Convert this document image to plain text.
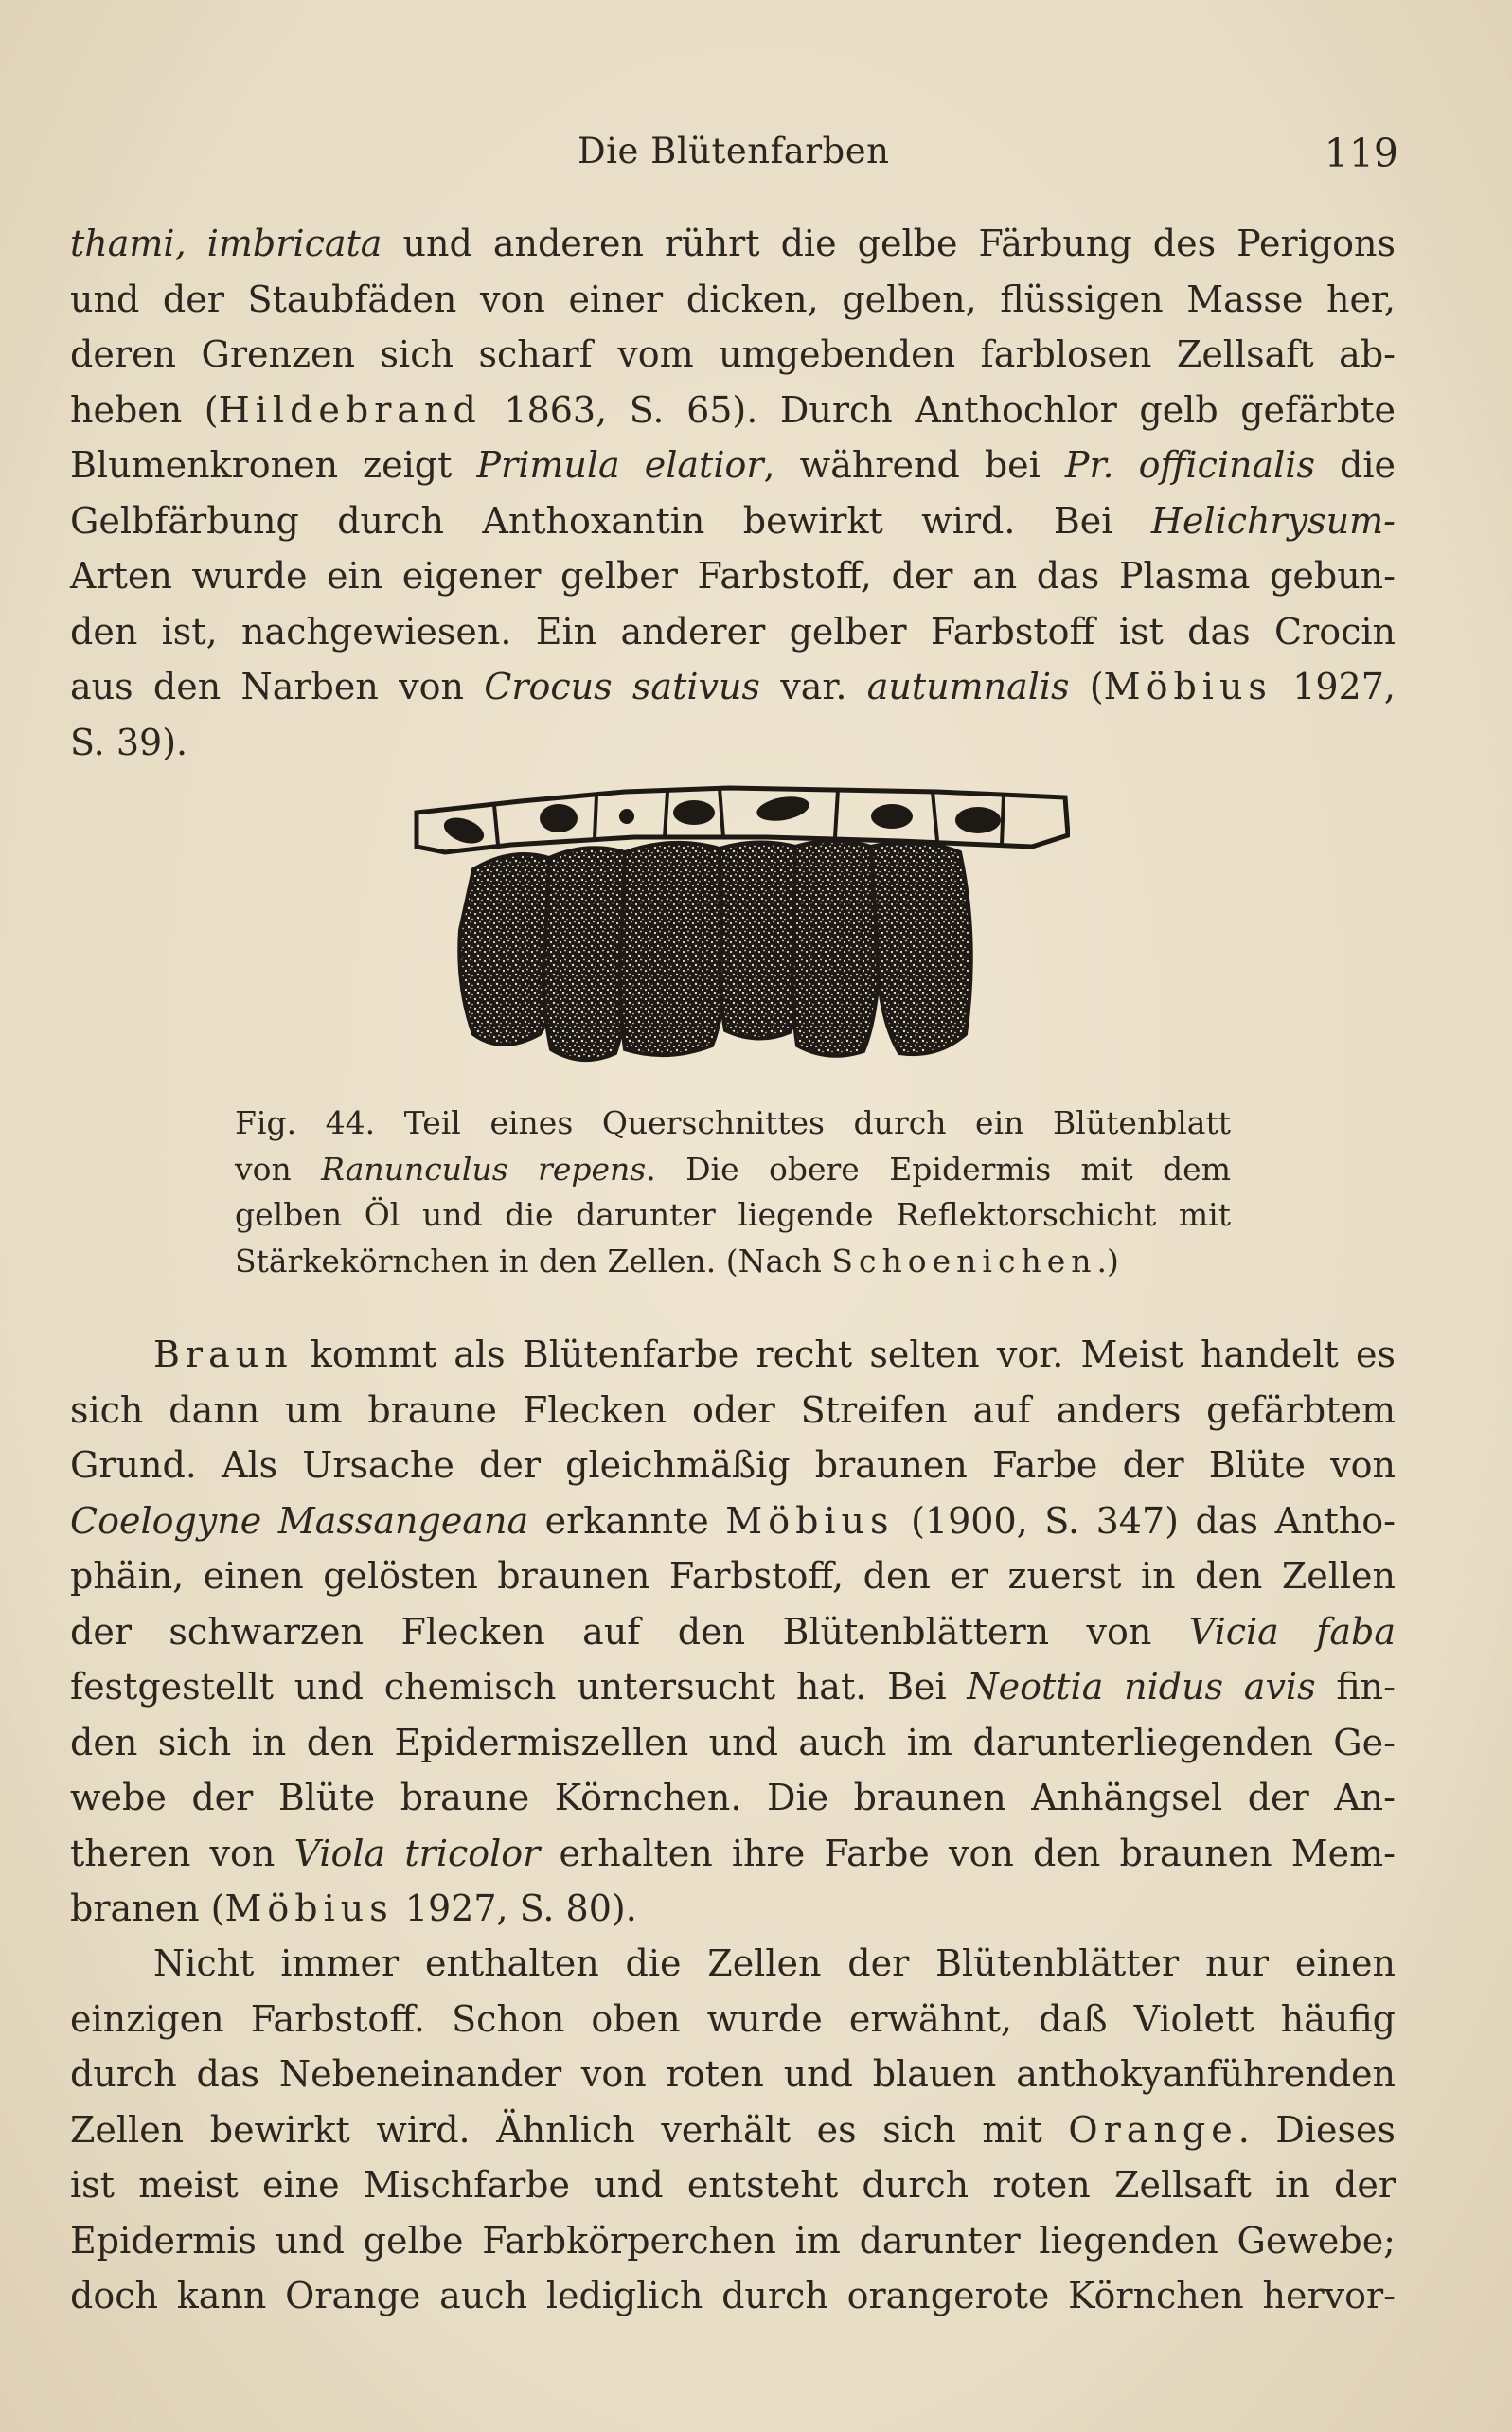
Die Blütenfarben	119
thami, imbricata und anderen rührt die gelbe Färbung des Perigons
und der Staubfäden von einer dicken, gelben, flüssigen Masse her,
deren Grenzen sich scharf vom umgebenden farblosen Zellsaft ab-
heben (Hildebrand 1863, S. 65). Durch Anthochlor gelb gefärbte
Blumenkronen zeigt Primula elatior, während bei Pr. officinalis die
Gelbfärbung durch Anthoxantin bewirkt wird. Bei Helichrysum-
Arten wurde ein eigener gelber Farbstoff, der an das Plasma gebun-
den ist, nachgewiesen. Ein anderer gelber Farbstoff ist das Crocin
aus den Narben von Crocus sativus var. autumnalis (Möbius 1927,
S. 39).
Fig. 44. Teil eines Querschnittes durch ein Blütenblatt
von Ranunculus repens. Die obere Epidermis mit dem
gelben Öl und die darunter liegende Reflektorschicht mit
Stärkekörnchen in den Zellen. (Nach Schoenichen.)
Braun kommt als Blütenfarbe recht selten vor. Meist handelt es
sich dann um braune Flecken oder Streifen auf anders gefärbtem
Grund. Als Ursache der gleichmäßig braunen Farbe der Blüte von
Coelogyne Massangeana erkannte Möbius (1900, S. 347) das Antho-
phäin, einen gelösten braunen Farbstoff, den er zuerst in den Zellen
der schwarzen Flecken auf den Blütenblättern von Vicia faba
festgestellt und chemisch untersucht hat. Bei Neottia nidus avis fin-
den sich in den Epidermiszellen und auch im darunterliegenden Ge-
webe der Blüte braune Körnchen. Die braunen Anhängsel der An-
theren von Viola tricolor erhalten ihre Farbe von den braunen Mem-
branen (Möbius 1927, S. 80).
Nicht immer enthalten die Zellen der Blütenblätter nur einen
einzigen Farbstoff. Schon oben wurde erwähnt, daß Violett häufig
durch das Nebeneinander von roten und blauen anthokyanführenden
Zellen bewirkt wird. Ähnlich verhält es sich mit Orange. Dieses
ist meist eine Mischfarbe und entsteht durch roten Zellsaft in der
Epidermis und gelbe Farbkörperchen im darunter liegenden Gewebe;
doch kann Orange auch lediglich durch orangerote Körnchen hervor-
